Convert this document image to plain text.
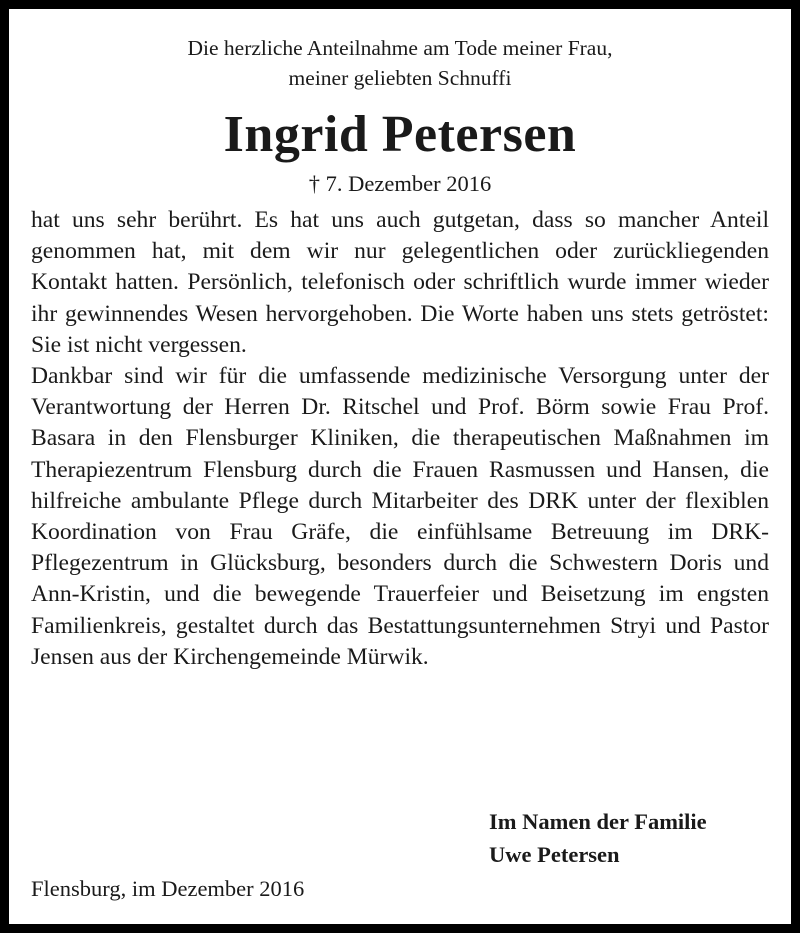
Die herzliche Anteilnahme am Tode meiner Frau,
meiner geliebten Schnuffi
Ingrid Petersen
† 7. Dezember 2016

hat uns sehr berührt. Es hat uns auch gutgetan, dass so mancher Anteil genommen hat, mit dem wir nur gelegentlichen oder zurückliegenden Kontakt hatten. Persönlich, telefonisch oder schriftlich wurde immer wieder ihr gewinnendes Wesen hervorgehoben. Die Worte haben uns stets getröstet: Sie ist nicht vergessen.

Dankbar sind wir für die umfassende medizinische Versorgung unter der Verantwortung der Herren Dr. Ritschel und Prof. Börm sowie Frau Prof. Basara in den Flensburger Kliniken, die therapeutischen Maßnahmen im Therapiezentrum Flensburg durch die Frauen Rasmussen und Hansen, die hilfreiche ambulante Pflege durch Mitarbeiter des DRK unter der flexiblen Koordination von Frau Gräfe, die einfühlsame Betreuung im DRK-Pflegezentrum in Glücksburg, besonders durch die Schwestern Doris und Ann-Kristin, und die bewegende Trauerfeier und Beisetzung im engsten Familienkreis, gestaltet durch das Bestattungsunternehmen Stryi und Pastor Jensen aus der Kirchengemeinde Mürwik.

Im Namen der Familie
Uwe Petersen
Flensburg, im Dezember 2016
